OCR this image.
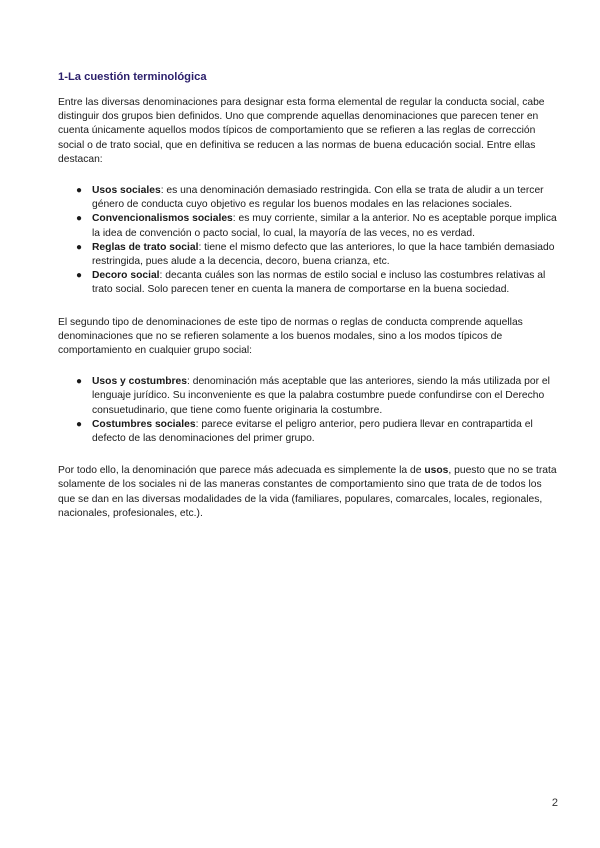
1-La cuestión terminológica

Entre las diversas denominaciones para designar esta forma elemental de regular la conducta social, cabe distinguir dos grupos bien definidos. Uno que comprende aquellas denominaciones que parecen tener en cuenta únicamente aquellos modos típicos de comportamiento que se refieren a las reglas de corrección social o de trato social, que en definitiva se reducen a las normas de buena educación social. Entre ellas destacan:

● Usos sociales: es una denominación demasiado restringida. Con ella se trata de aludir a un tercer género de conducta cuyo objetivo es regular los buenos modales en las relaciones sociales.
● Convencionalismos sociales: es muy corriente, similar a la anterior. No es aceptable porque implica la idea de convención o pacto social, lo cual, la mayoría de las veces, no es verdad.
● Reglas de trato social: tiene el mismo defecto que las anteriores, lo que la hace también demasiado restringida, pues alude a la decencia, decoro, buena crianza, etc.
● Decoro social: decanta cuáles son las normas de estilo social e incluso las costumbres relativas al trato social. Solo parecen tener en cuenta la manera de comportarse en la buena sociedad.

El segundo tipo de denominaciones de este tipo de normas o reglas de conducta comprende aquellas denominaciones que no se refieren solamente a los buenos modales, sino a los modos típicos de comportamiento en cualquier grupo social:

● Usos y costumbres: denominación más aceptable que las anteriores, siendo la más utilizada por el lenguaje jurídico. Su inconveniente es que la palabra costumbre puede confundirse con el Derecho consuetudinario, que tiene como fuente originaria la costumbre.
● Costumbres sociales: parece evitarse el peligro anterior, pero pudiera llevar en contrapartida el defecto de las denominaciones del primer grupo.

Por todo ello, la denominación que parece más adecuada es simplemente la de usos, puesto que no se trata solamente de los sociales ni de las maneras constantes de comportamiento sino que trata de de todos los que se dan en las diversas modalidades de la vida (familiares, populares, comarcales, locales, regionales, nacionales, profesionales, etc.).

2
